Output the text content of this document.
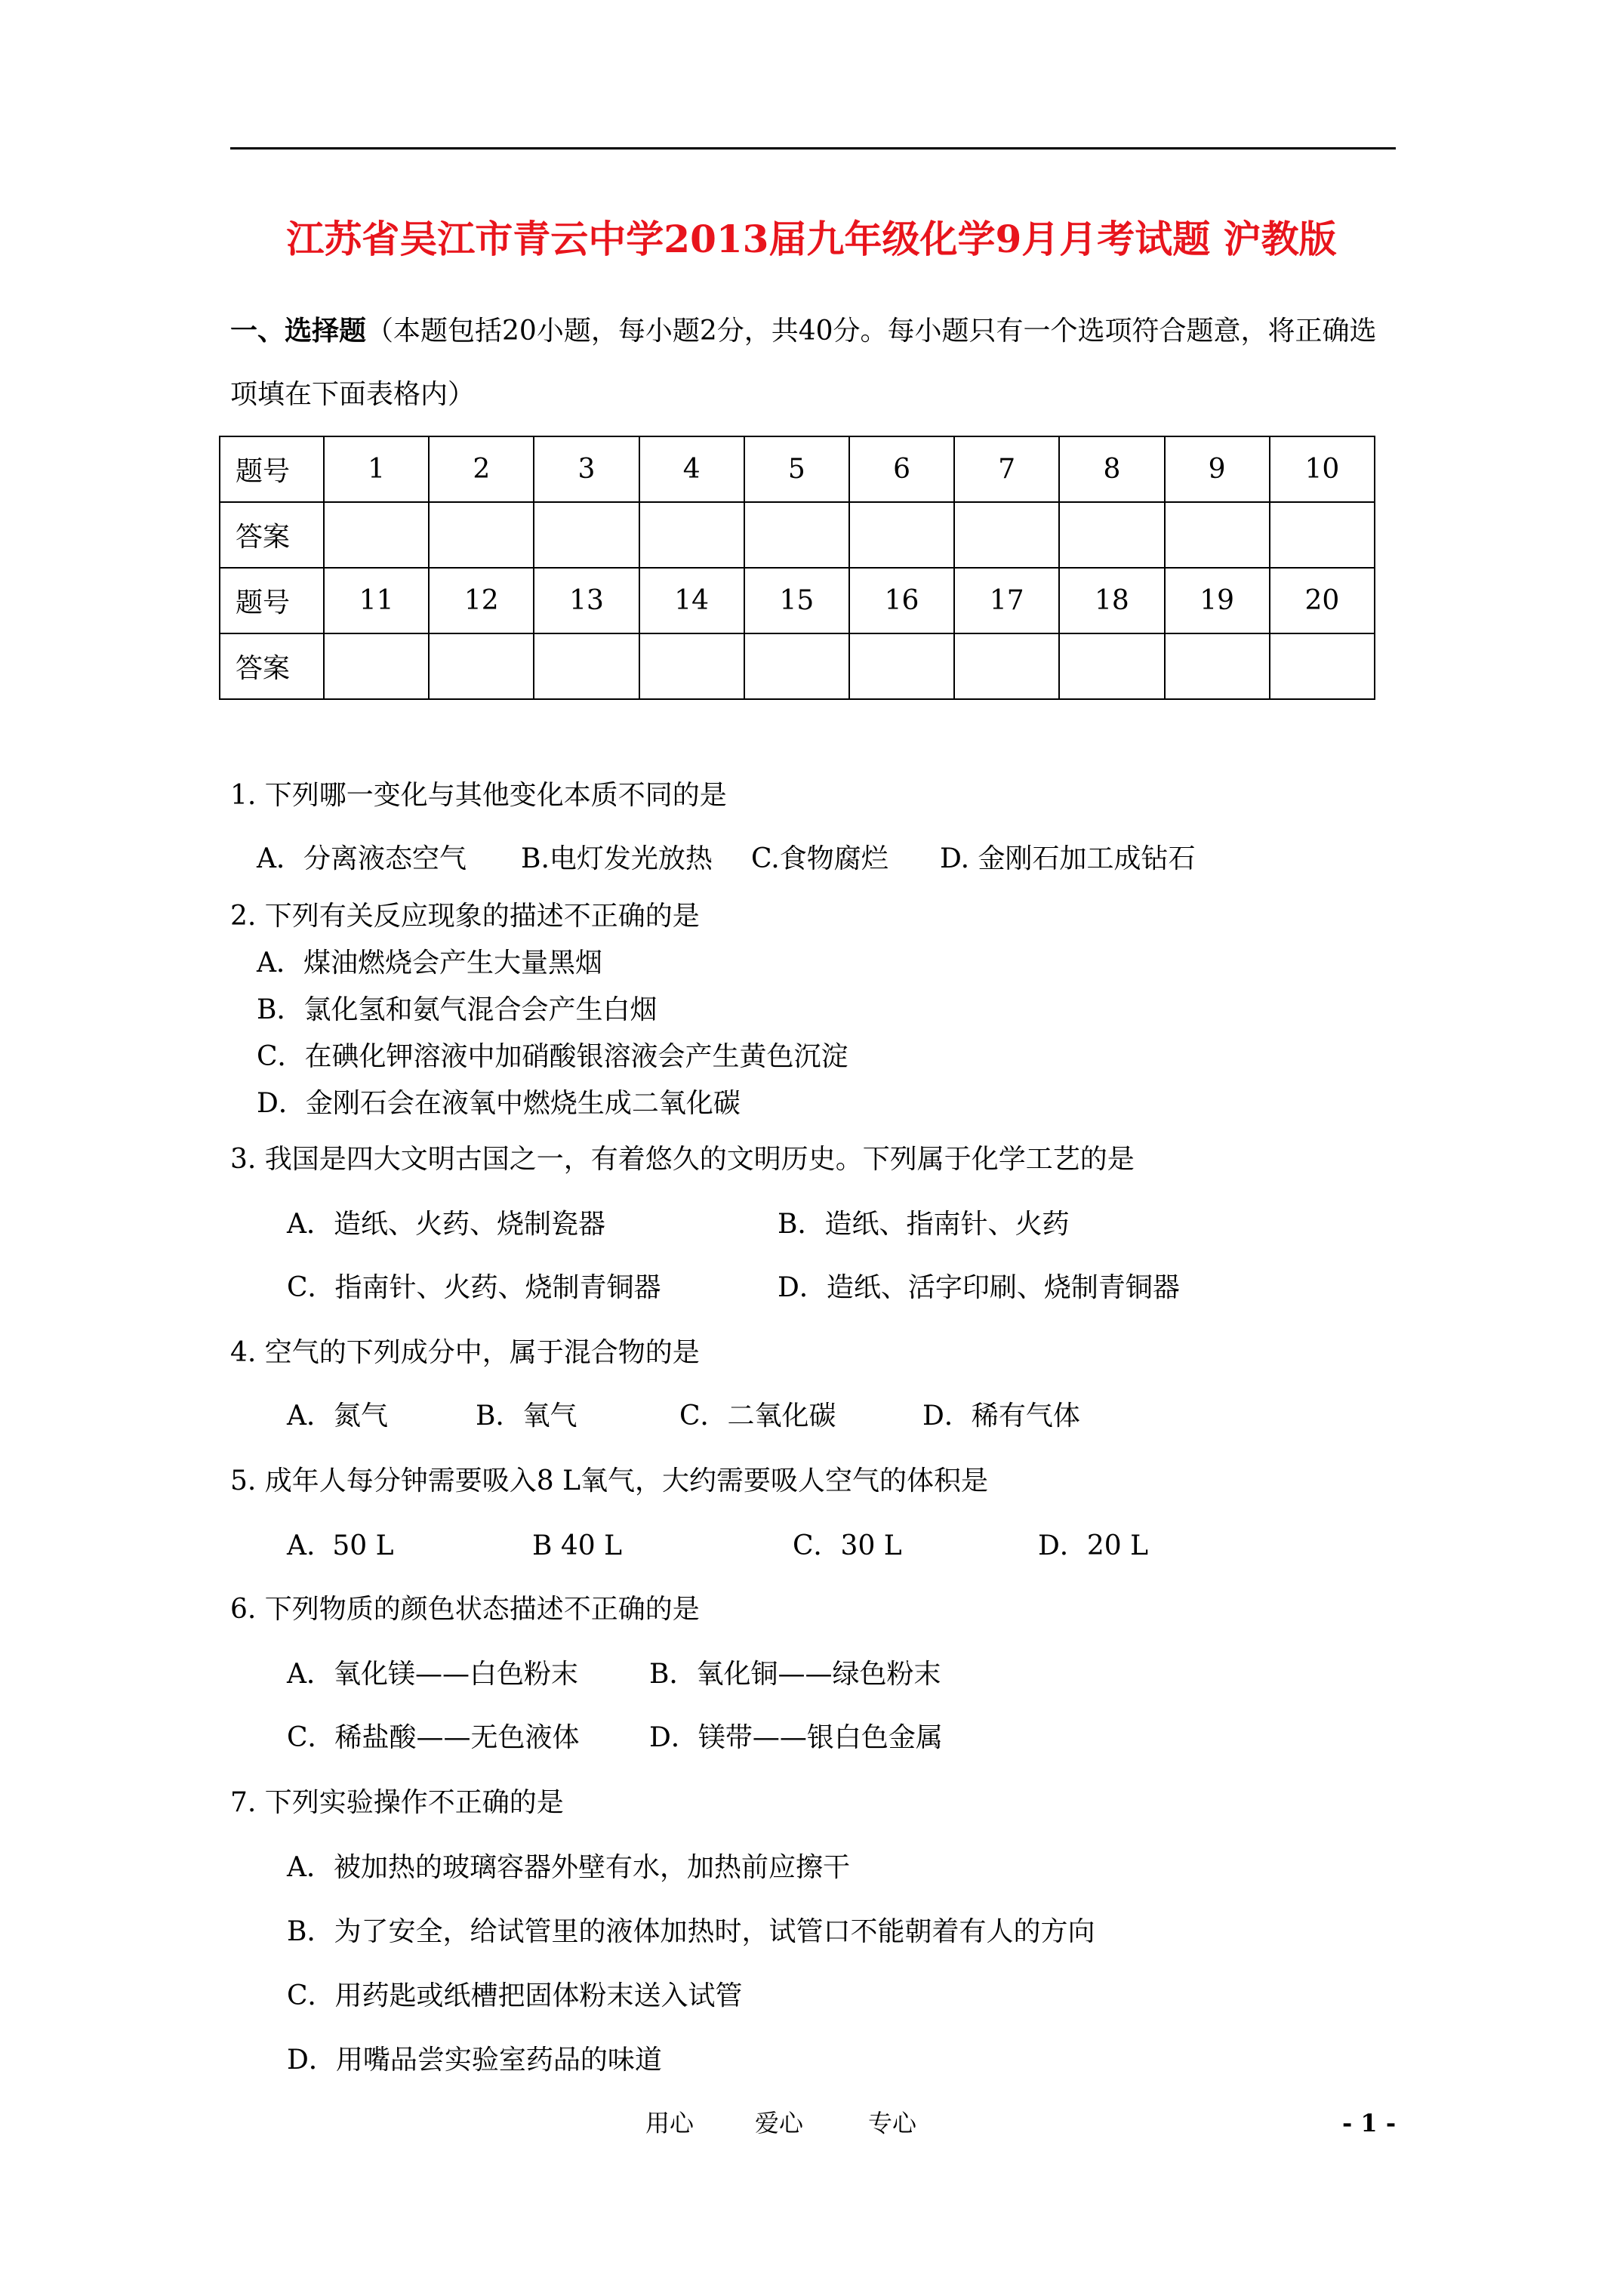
江苏省吴江市青云中学2013届九年级化学9月月考试题 沪教版
一、选择题（本题包括20小题，每小题2分，共40分。每小题只有一个选项符合题意，将正确选项填在下面表格内）
题号	1	2	3	4	5	6	7	8	9	10
答案										
题号	11	12	13	14	15	16	17	18	19	20
答案										
1. 下列哪一变化与其他变化本质不同的是
A．分离液态空气 B.电灯发光放热 C.食物腐烂 D. 金刚石加工成钻石
2. 下列有关反应现象的描述不正确的是
A．煤油燃烧会产生大量黑烟
B．氯化氢和氨气混合会产生白烟
C．在碘化钾溶液中加硝酸银溶液会产生黄色沉淀
D．金刚石会在液氧中燃烧生成二氧化碳
3. 我国是四大文明古国之一，有着悠久的文明历史。下列属于化学工艺的是
A．造纸、火药、烧制瓷器	B．造纸、指南针、火药
C．指南针、火药、烧制青铜器	D．造纸、活字印刷、烧制青铜器
4. 空气的下列成分中，属于混合物的是
A．氮气	B．氧气	C．二氧化碳	D．稀有气体
5. 成年人每分钟需要吸入8 L氧气，大约需要吸人空气的体积是
A.  50 L	B 40 L	C．30 L	D．20 L
6. 下列物质的颜色状态描述不正确的是
A．氧化镁——白色粉末	B．氧化铜——绿色粉末
C．稀盐酸——无色液体	D．镁带——银白色金属
7. 下列实验操作不正确的是
A．被加热的玻璃容器外壁有水，加热前应擦干
B．为了安全，给试管里的液体加热时，试管口不能朝着有人的方向
C．用药匙或纸槽把固体粉末送入试管
D．用嘴品尝实验室药品的味道
用心	爱心	专心	- 1 -
